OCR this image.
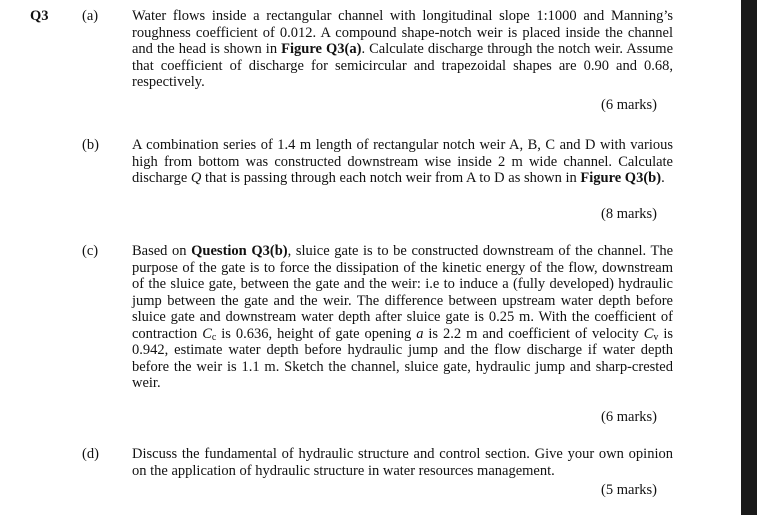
Q3 (a) Water flows inside a rectangular channel with longitudinal slope 1:1000 and Manning’s roughness coefficient of 0.012. A compound shape-notch weir is placed inside the channel and the head is shown in Figure Q3(a). Calculate discharge through the notch weir. Assume that coefficient of discharge for semicircular and trapezoidal shapes are 0.90 and 0.68, respectively.
(6 marks)
(b) A combination series of 1.4 m length of rectangular notch weir A, B, C and D with various high from bottom was constructed downstream wise inside 2 m wide channel. Calculate discharge Q that is passing through each notch weir from A to D as shown in Figure Q3(b).
(8 marks)
(c) Based on Question Q3(b), sluice gate is to be constructed downstream of the channel. The purpose of the gate is to force the dissipation of the kinetic energy of the flow, downstream of the sluice gate, between the gate and the weir: i.e to induce a (fully developed) hydraulic jump between the gate and the weir. The difference between upstream water depth before sluice gate and downstream water depth after sluice gate is 0.25 m. With the coefficient of contraction $C_c$ is 0.636, height of gate opening a is 2.2 m and coefficient of velocity $C_v$ is 0.942, estimate water depth before hydraulic jump and the flow discharge if water depth before the weir is 1.1 m. Sketch the channel, sluice gate, hydraulic jump and sharp-crested weir.
(6 marks)
(d) Discuss the fundamental of hydraulic structure and control section. Give your own opinion on the application of hydraulic structure in water resources management.
(5 marks)
